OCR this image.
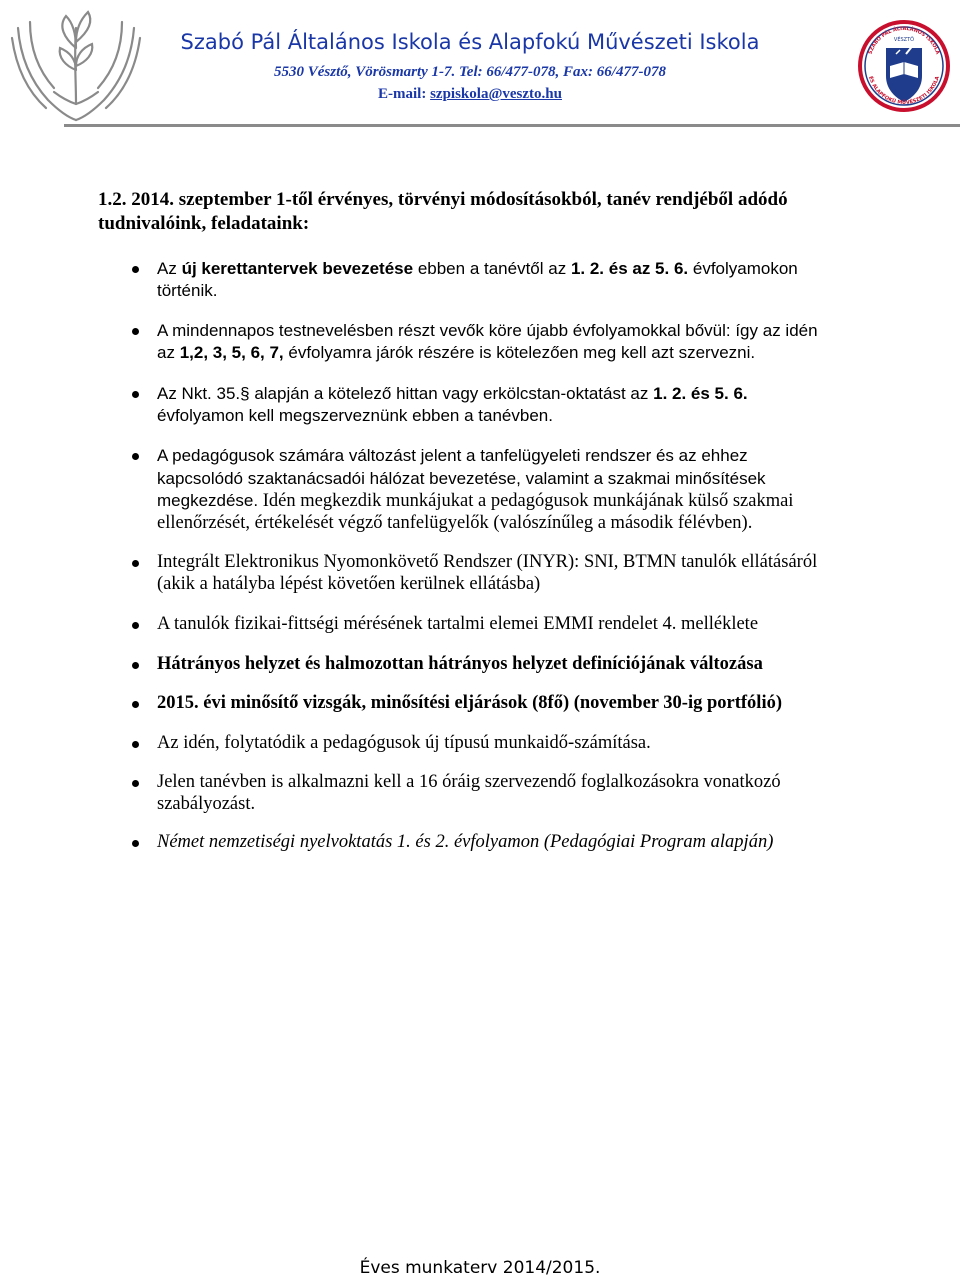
Szabó Pál Általános Iskola és Alapfokú Művészeti Iskola
5530 Vésztő, Vörösmarty 1-7. Tel: 66/477-078, Fax: 66/477-078
E-mail: szpiskola@veszto.hu
SZABÓ PÁL ÁLTALÁNOS ISKOLA
ÉS ALAPFOKÚ MŰVÉSZETI ISKOLA
VÉSZTŐ
1.2. 2014. szeptember 1-től érvényes, törvényi módosításokból, tanév rendjéből adódó tudnivalóink, feladataink:
Az új kerettantervek bevezetése ebben a tanévtől az 1. 2. és az 5. 6. évfolyamokon történik.
A mindennapos testnevelésben részt vevők köre újabb évfolyamokkal bővül: így az idén az 1,2, 3, 5, 6, 7, évfolyamra járók részére is kötelezően meg kell azt szervezni.
Az Nkt. 35.§ alapján a kötelező hittan vagy erkölcstan-oktatást az 1. 2. és 5. 6. évfolyamon kell megszerveznünk ebben a tanévben.
A pedagógusok számára változást jelent a tanfelügyeleti rendszer és az ehhez kapcsolódó szaktanácsadói hálózat bevezetése, valamint a szakmai minősítések megkezdése. Idén megkezdik munkájukat a pedagógusok munkájának külső szakmai ellenőrzését, értékelését végző tanfelügyelők (valószínűleg a második félévben).
Integrált Elektronikus Nyomonkövető Rendszer (INYR): SNI, BTMN tanulók ellátásáról (akik a hatályba lépést követően kerülnek ellátásba)
A tanulók fizikai-fittségi mérésének tartalmi elemei EMMI rendelet 4. melléklete
Hátrányos helyzet és halmozottan hátrányos helyzet definíciójának változása
2015. évi minősítő vizsgák, minősítési eljárások (8fő) (november 30-ig portfólió)
Az idén, folytatódik a pedagógusok új típusú munkaidő-számítása.
Jelen tanévben is alkalmazni kell a 16 óráig szervezendő foglalkozásokra vonatkozó szabályozást.
Német nemzetiségi nyelvoktatás 1. és 2. évfolyamon (Pedagógiai Program alapján)
Éves munkaterv 2014/2015.
